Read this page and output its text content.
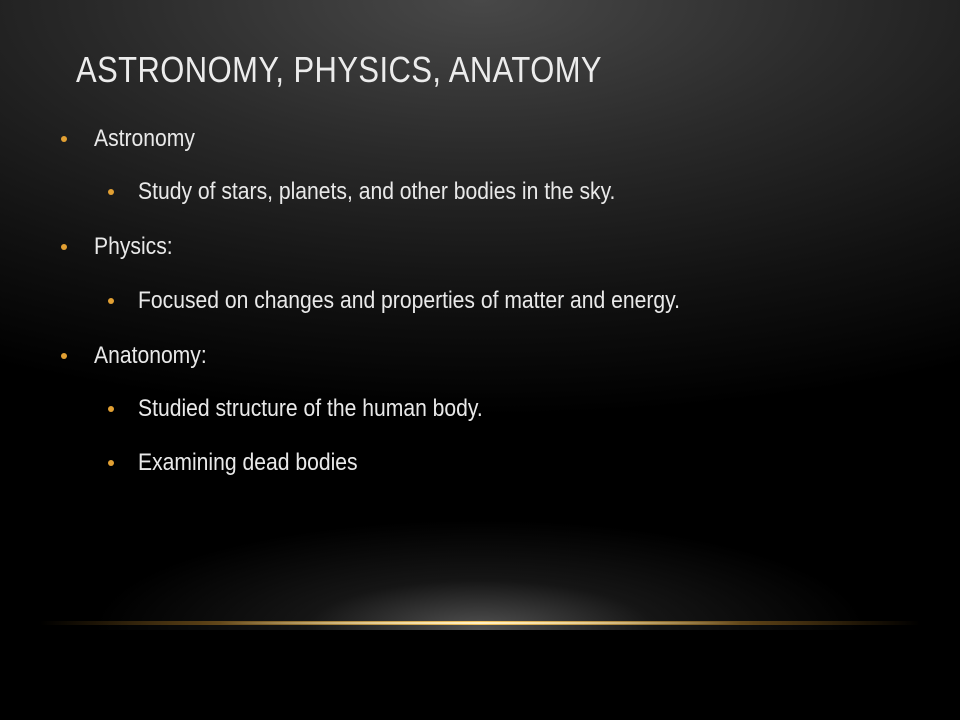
ASTRONOMY, PHYSICS, ANATOMY
Astronomy
Study of stars, planets, and other bodies in the sky.
Physics:
Focused on changes and properties of matter and energy.
Anatonomy:
Studied structure of the human body.
Examining dead bodies
